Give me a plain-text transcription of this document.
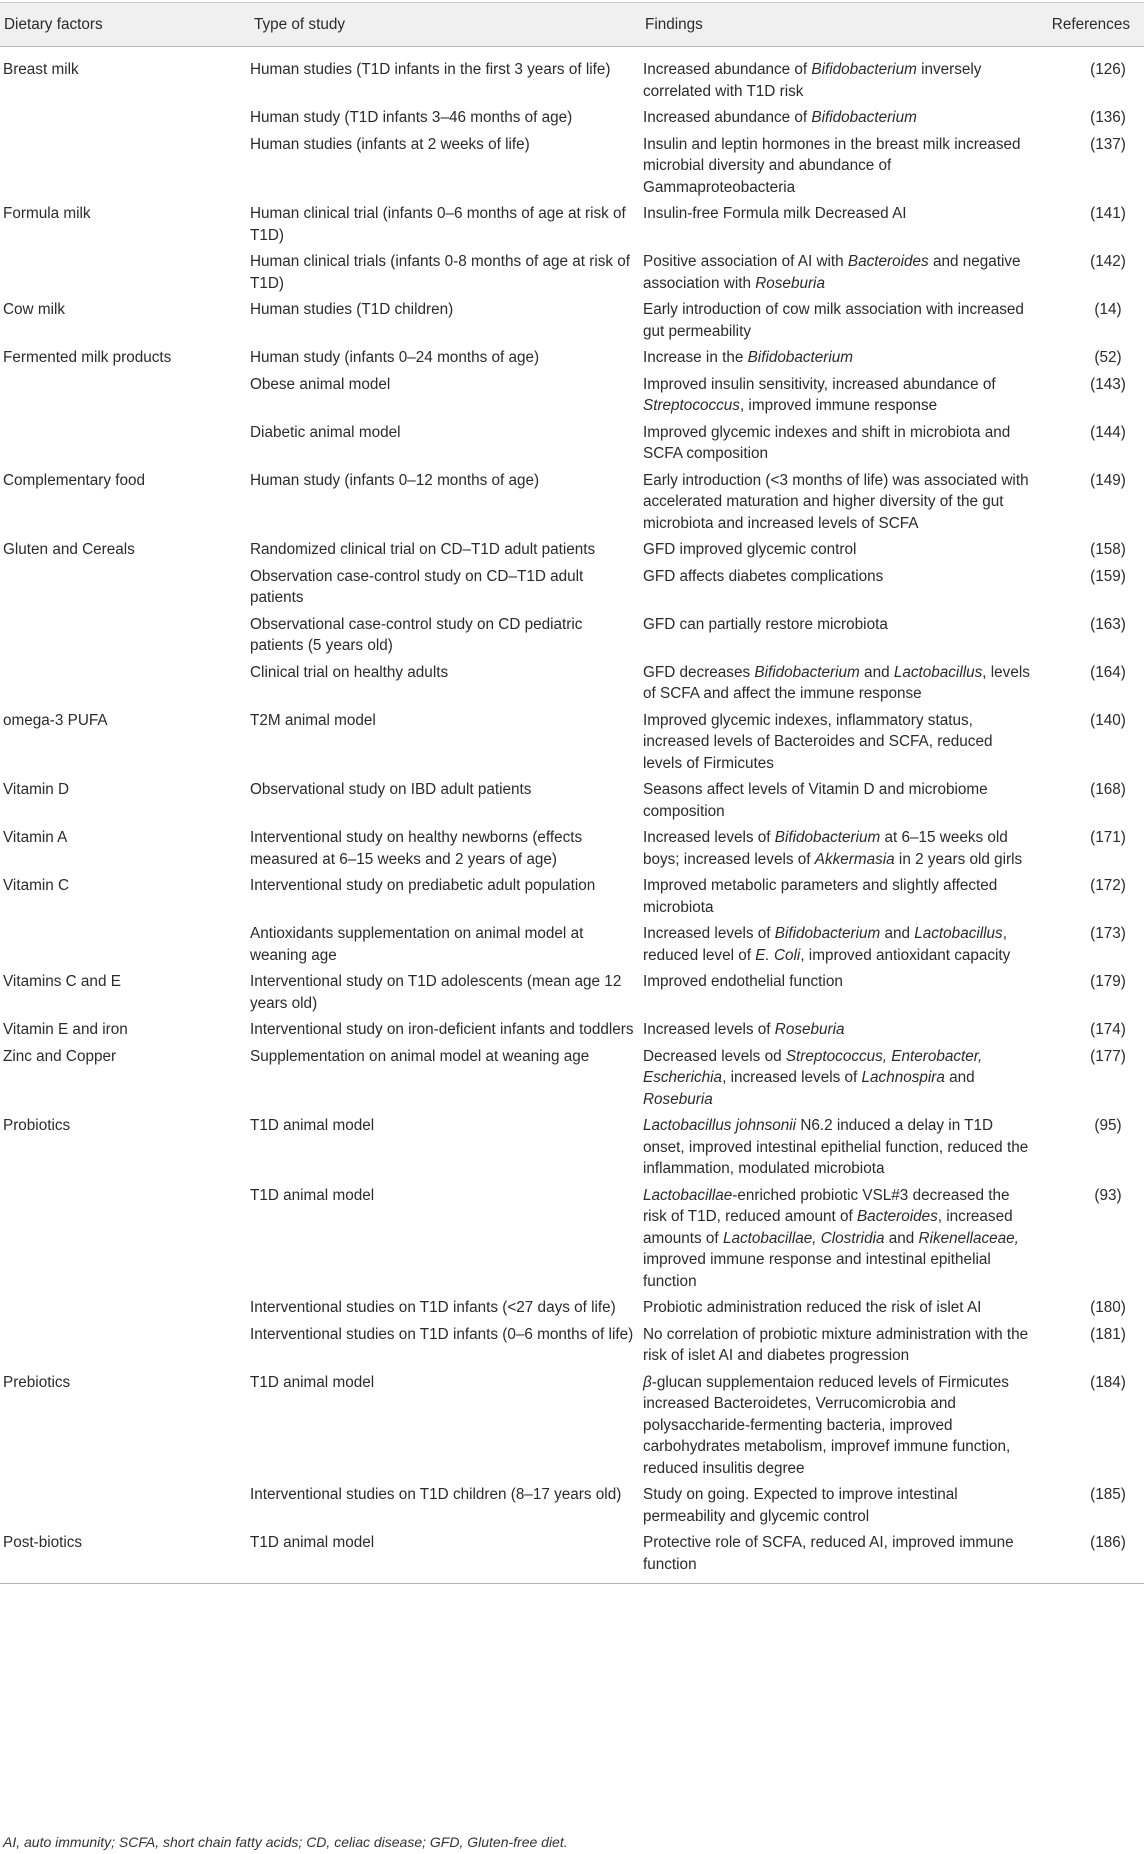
Dietary factors	Type of study	Findings	References
Breast milk	Human studies (T1D infants in the first 3 years of life)	Increased abundance of Bifidobacterium inversely correlated with T1D risk	(126)
	Human study (T1D infants 3–46 months of age)	Increased abundance of Bifidobacterium	(136)
	Human studies (infants at 2 weeks of life)	Insulin and leptin hormones in the breast milk increased microbial diversity and abundance of Gammaproteobacteria	(137)
Formula milk	Human clinical trial (infants 0–6 months of age at risk of T1D)	Insulin-free Formula milk Decreased AI	(141)
	Human clinical trials (infants 0-8 months of age at risk of T1D)	Positive association of AI with Bacteroides and negative association with Roseburia	(142)
Cow milk	Human studies (T1D children)	Early introduction of cow milk association with increased gut permeability	(14)
Fermented milk products	Human study (infants 0–24 months of age)	Increase in the Bifidobacterium	(52)
	Obese animal model	Improved insulin sensitivity, increased abundance of Streptococcus, improved immune response	(143)
	Diabetic animal model	Improved glycemic indexes and shift in microbiota and SCFA composition	(144)
Complementary food	Human study (infants 0–12 months of age)	Early introduction (<3 months of life) was associated with accelerated maturation and higher diversity of the gut microbiota and increased levels of SCFA	(149)
Gluten and Cereals	Randomized clinical trial on CD–T1D adult patients	GFD improved glycemic control	(158)
	Observation case-control study on CD–T1D adult patients	GFD affects diabetes complications	(159)
	Observational case-control study on CD pediatric patients (5 years old)	GFD can partially restore microbiota	(163)
	Clinical trial on healthy adults	GFD decreases Bifidobacterium and Lactobacillus, levels of SCFA and affect the immune response	(164)
omega-3 PUFA	T2M animal model	Improved glycemic indexes, inflammatory status, increased levels of Bacteroides and SCFA, reduced levels of Firmicutes	(140)
Vitamin D	Observational study on IBD adult patients	Seasons affect levels of Vitamin D and microbiome composition	(168)
Vitamin A	Interventional study on healthy newborns (effects measured at 6–15 weeks and 2 years of age)	Increased levels of Bifidobacterium at 6–15 weeks old boys; increased levels of Akkermasia in 2 years old girls	(171)
Vitamin C	Interventional study on prediabetic adult population	Improved metabolic parameters and slightly affected microbiota	(172)
	Antioxidants supplementation on animal model at weaning age	Increased levels of Bifidobacterium and Lactobacillus, reduced level of E. Coli, improved antioxidant capacity	(173)
Vitamins C and E	Interventional study on T1D adolescents (mean age 12 years old)	Improved endothelial function	(179)
Vitamin E and iron	Interventional study on iron-deficient infants and toddlers	Increased levels of Roseburia	(174)
Zinc and Copper	Supplementation on animal model at weaning age	Decreased levels od Streptococcus, Enterobacter, Escherichia, increased levels of Lachnospira and Roseburia	(177)
Probiotics	T1D animal model	Lactobacillus johnsonii N6.2 induced a delay in T1D onset, improved intestinal epithelial function, reduced the inflammation, modulated microbiota	(95)
	T1D animal model	Lactobacillae-enriched probiotic VSL#3 decreased the risk of T1D, reduced amount of Bacteroides, increased amounts of Lactobacillae, Clostridia and Rikenellaceae, improved immune response and intestinal epithelial function	(93)
	Interventional studies on T1D infants (<27 days of life)	Probiotic administration reduced the risk of islet AI	(180)
	Interventional studies on T1D infants (0–6 months of life)	No correlation of probiotic mixture administration with the risk of islet AI and diabetes progression	(181)
Prebiotics	T1D animal model	β-glucan supplementaion reduced levels of Firmicutes increased Bacteroidetes, Verrucomicrobia and polysaccharide-fermenting bacteria, improved carbohydrates metabolism, improvef immune function, reduced insulitis degree	(184)
	Interventional studies on T1D children (8–17 years old)	Study on going. Expected to improve intestinal permeability and glycemic control	(185)
Post-biotics	T1D animal model	Protective role of SCFA, reduced AI, improved immune function	(186)
AI, auto immunity; SCFA, short chain fatty acids; CD, celiac disease; GFD, Gluten-free diet.
